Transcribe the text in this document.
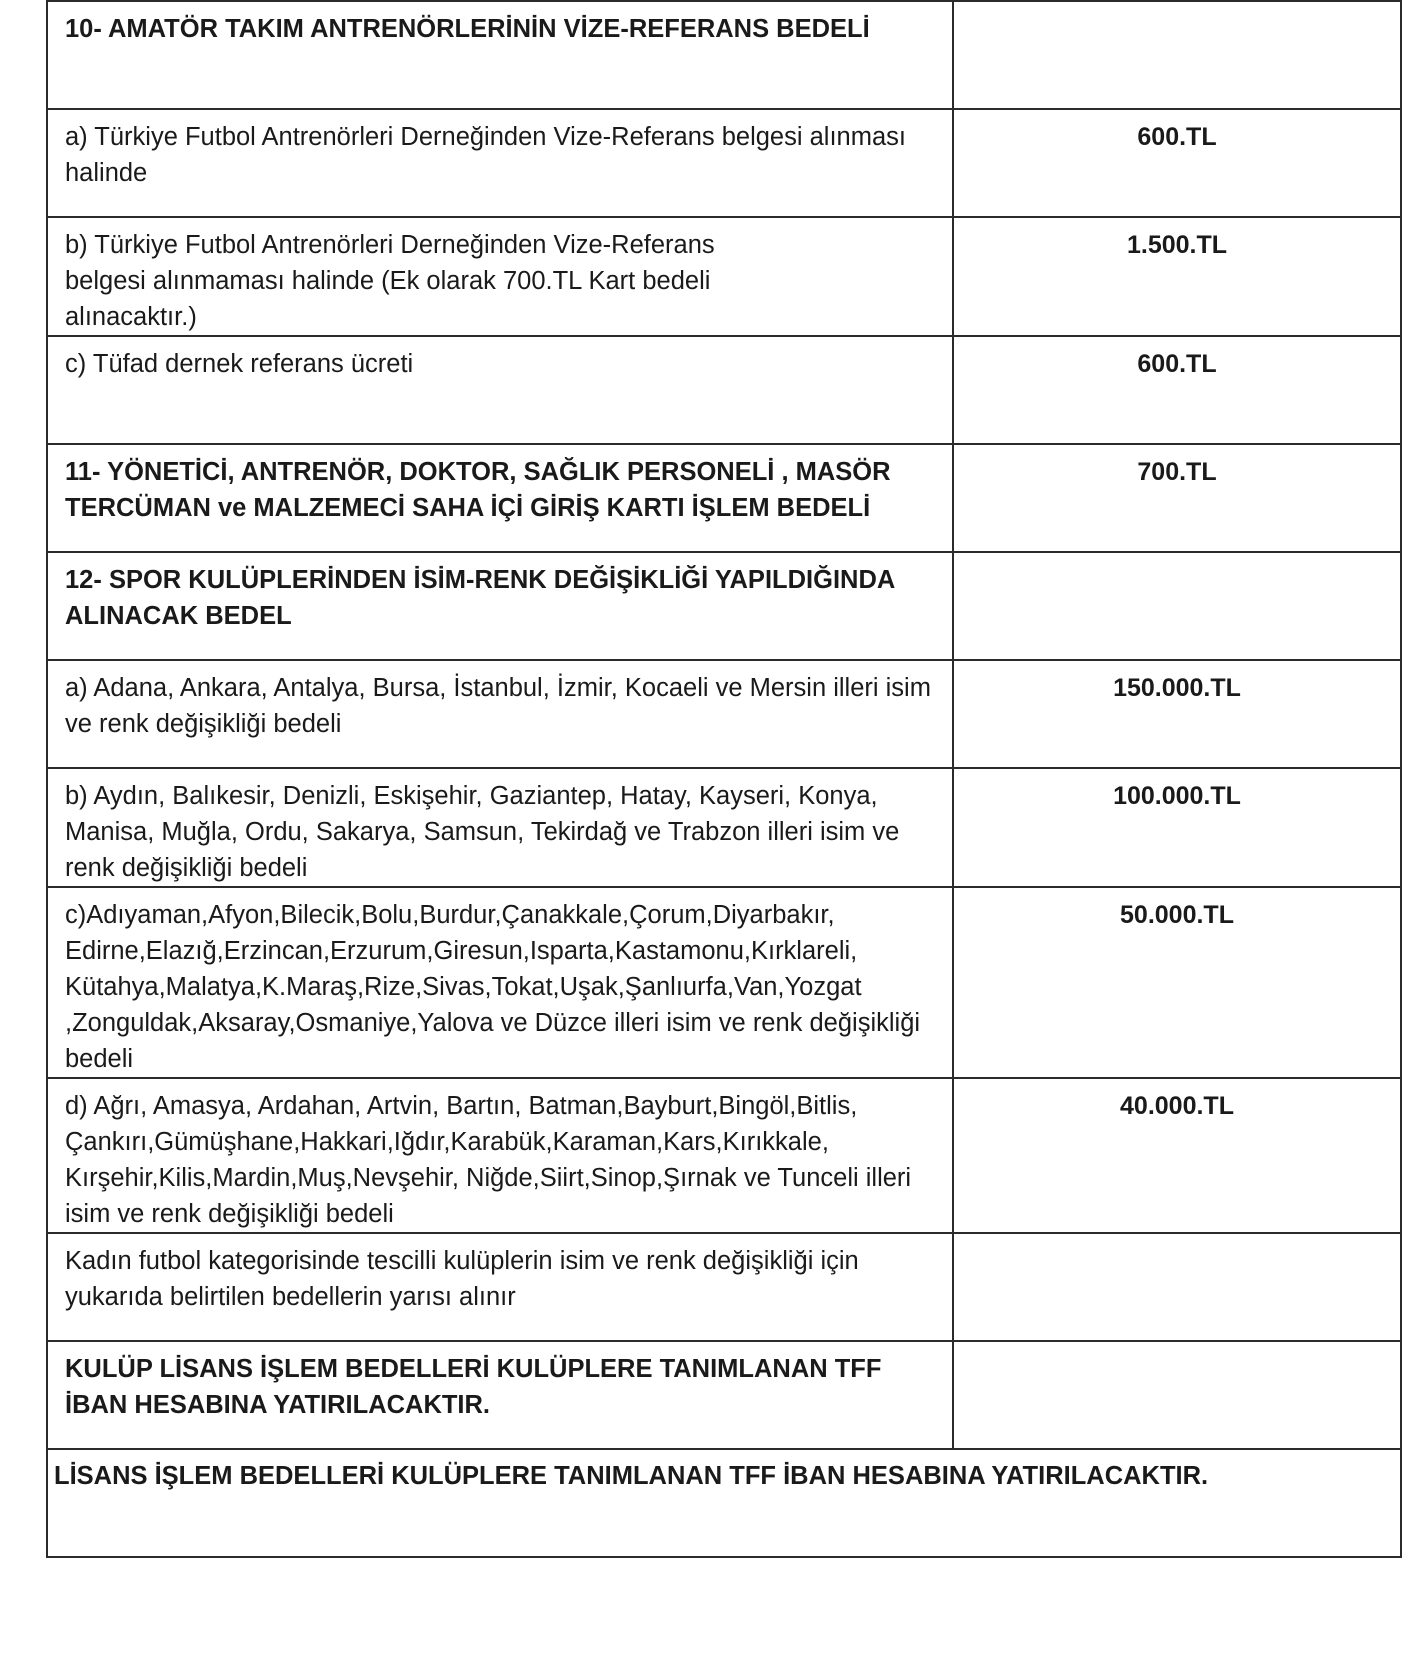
10- AMATÖR TAKIM ANTRENÖRLERİNİN VİZE-REFERANS BEDELİ	

a) Türkiye Futbol Antrenörleri Derneğinden Vize-Referans belgesi alınması halinde	600.TL

b) Türkiye Futbol Antrenörleri Derneğinden Vize-Referans belgesi alınmaması halinde (Ek olarak 700.TL Kart bedeli alınacaktır.)	1.500.TL

c) Tüfad dernek referans ücreti	600.TL

11- YÖNETİCİ, ANTRENÖR, DOKTOR, SAĞLIK PERSONELİ , MASÖR TERCÜMAN ve MALZEMECİ SAHA İÇİ GİRİŞ KARTI İŞLEM BEDELİ	700.TL

12- SPOR KULÜPLERİNDEN İSİM-RENK DEĞİŞİKLİĞİ YAPILDIĞINDA ALINACAK BEDEL	

a) Adana, Ankara, Antalya, Bursa, İstanbul, İzmir, Kocaeli ve Mersin illeri isim ve renk değişikliği bedeli	150.000.TL

b) Aydın, Balıkesir, Denizli, Eskişehir, Gaziantep, Hatay, Kayseri, Konya, Manisa, Muğla, Ordu, Sakarya, Samsun, Tekirdağ ve Trabzon illeri isim ve renk değişikliği bedeli	100.000.TL

c)Adıyaman,Afyon,Bilecik,Bolu,Burdur,Çanakkale,Çorum,Diyarbakır, Edirne,Elazığ,Erzincan,Erzurum,Giresun,Isparta,Kastamonu,Kırklareli, Kütahya,Malatya,K.Maraş,Rize,Sivas,Tokat,Uşak,Şanlıurfa,Van,Yozgat ,Zonguldak,Aksaray,Osmaniye,Yalova ve Düzce illeri isim ve renk değişikliği bedeli	50.000.TL

d) Ağrı, Amasya, Ardahan, Artvin, Bartın, Batman,Bayburt,Bingöl,Bitlis, Çankırı,Gümüşhane,Hakkari,Iğdır,Karabük,Karaman,Kars,Kırıkkale, Kırşehir,Kilis,Mardin,Muş,Nevşehir, Niğde,Siirt,Sinop,Şırnak ve Tunceli illeri isim ve renk değişikliği bedeli	40.000.TL

Kadın futbol kategorisinde tescilli kulüplerin isim ve renk değişikliği için yukarıda belirtilen bedellerin yarısı alınır	

KULÜP LİSANS İŞLEM BEDELLERİ KULÜPLERE TANIMLANAN TFF İBAN HESABINA YATIRILACAKTIR.	

LİSANS İŞLEM BEDELLERİ KULÜPLERE TANIMLANAN TFF İBAN HESABINA YATIRILACAKTIR.	
